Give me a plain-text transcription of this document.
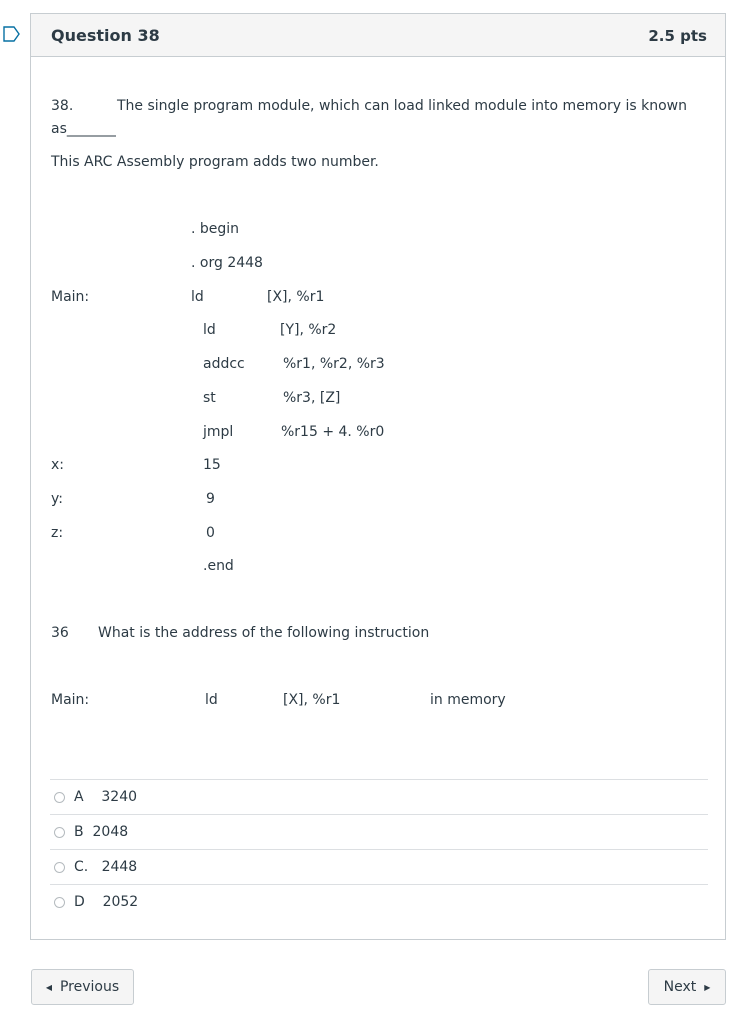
Question 38	2.5 pts
38.	The single program module, which can load linked module into memory is known
as_______
This ARC Assembly program adds two number.
. begin
. org 2448
Main:	ld	[X], %r1
ld	[Y], %r2
addcc	%r1, %r2, %r3
st	%r3, [Z]
jmpl	%r15 + 4. %r0
x:	15
y:	9
z:	0
.end
36 What is the address of the following instruction
Main:	ld	[X], %r1	in memory
A    3240
B  2048
C.   2448
D    2052
◀ Previous	Next ▶
